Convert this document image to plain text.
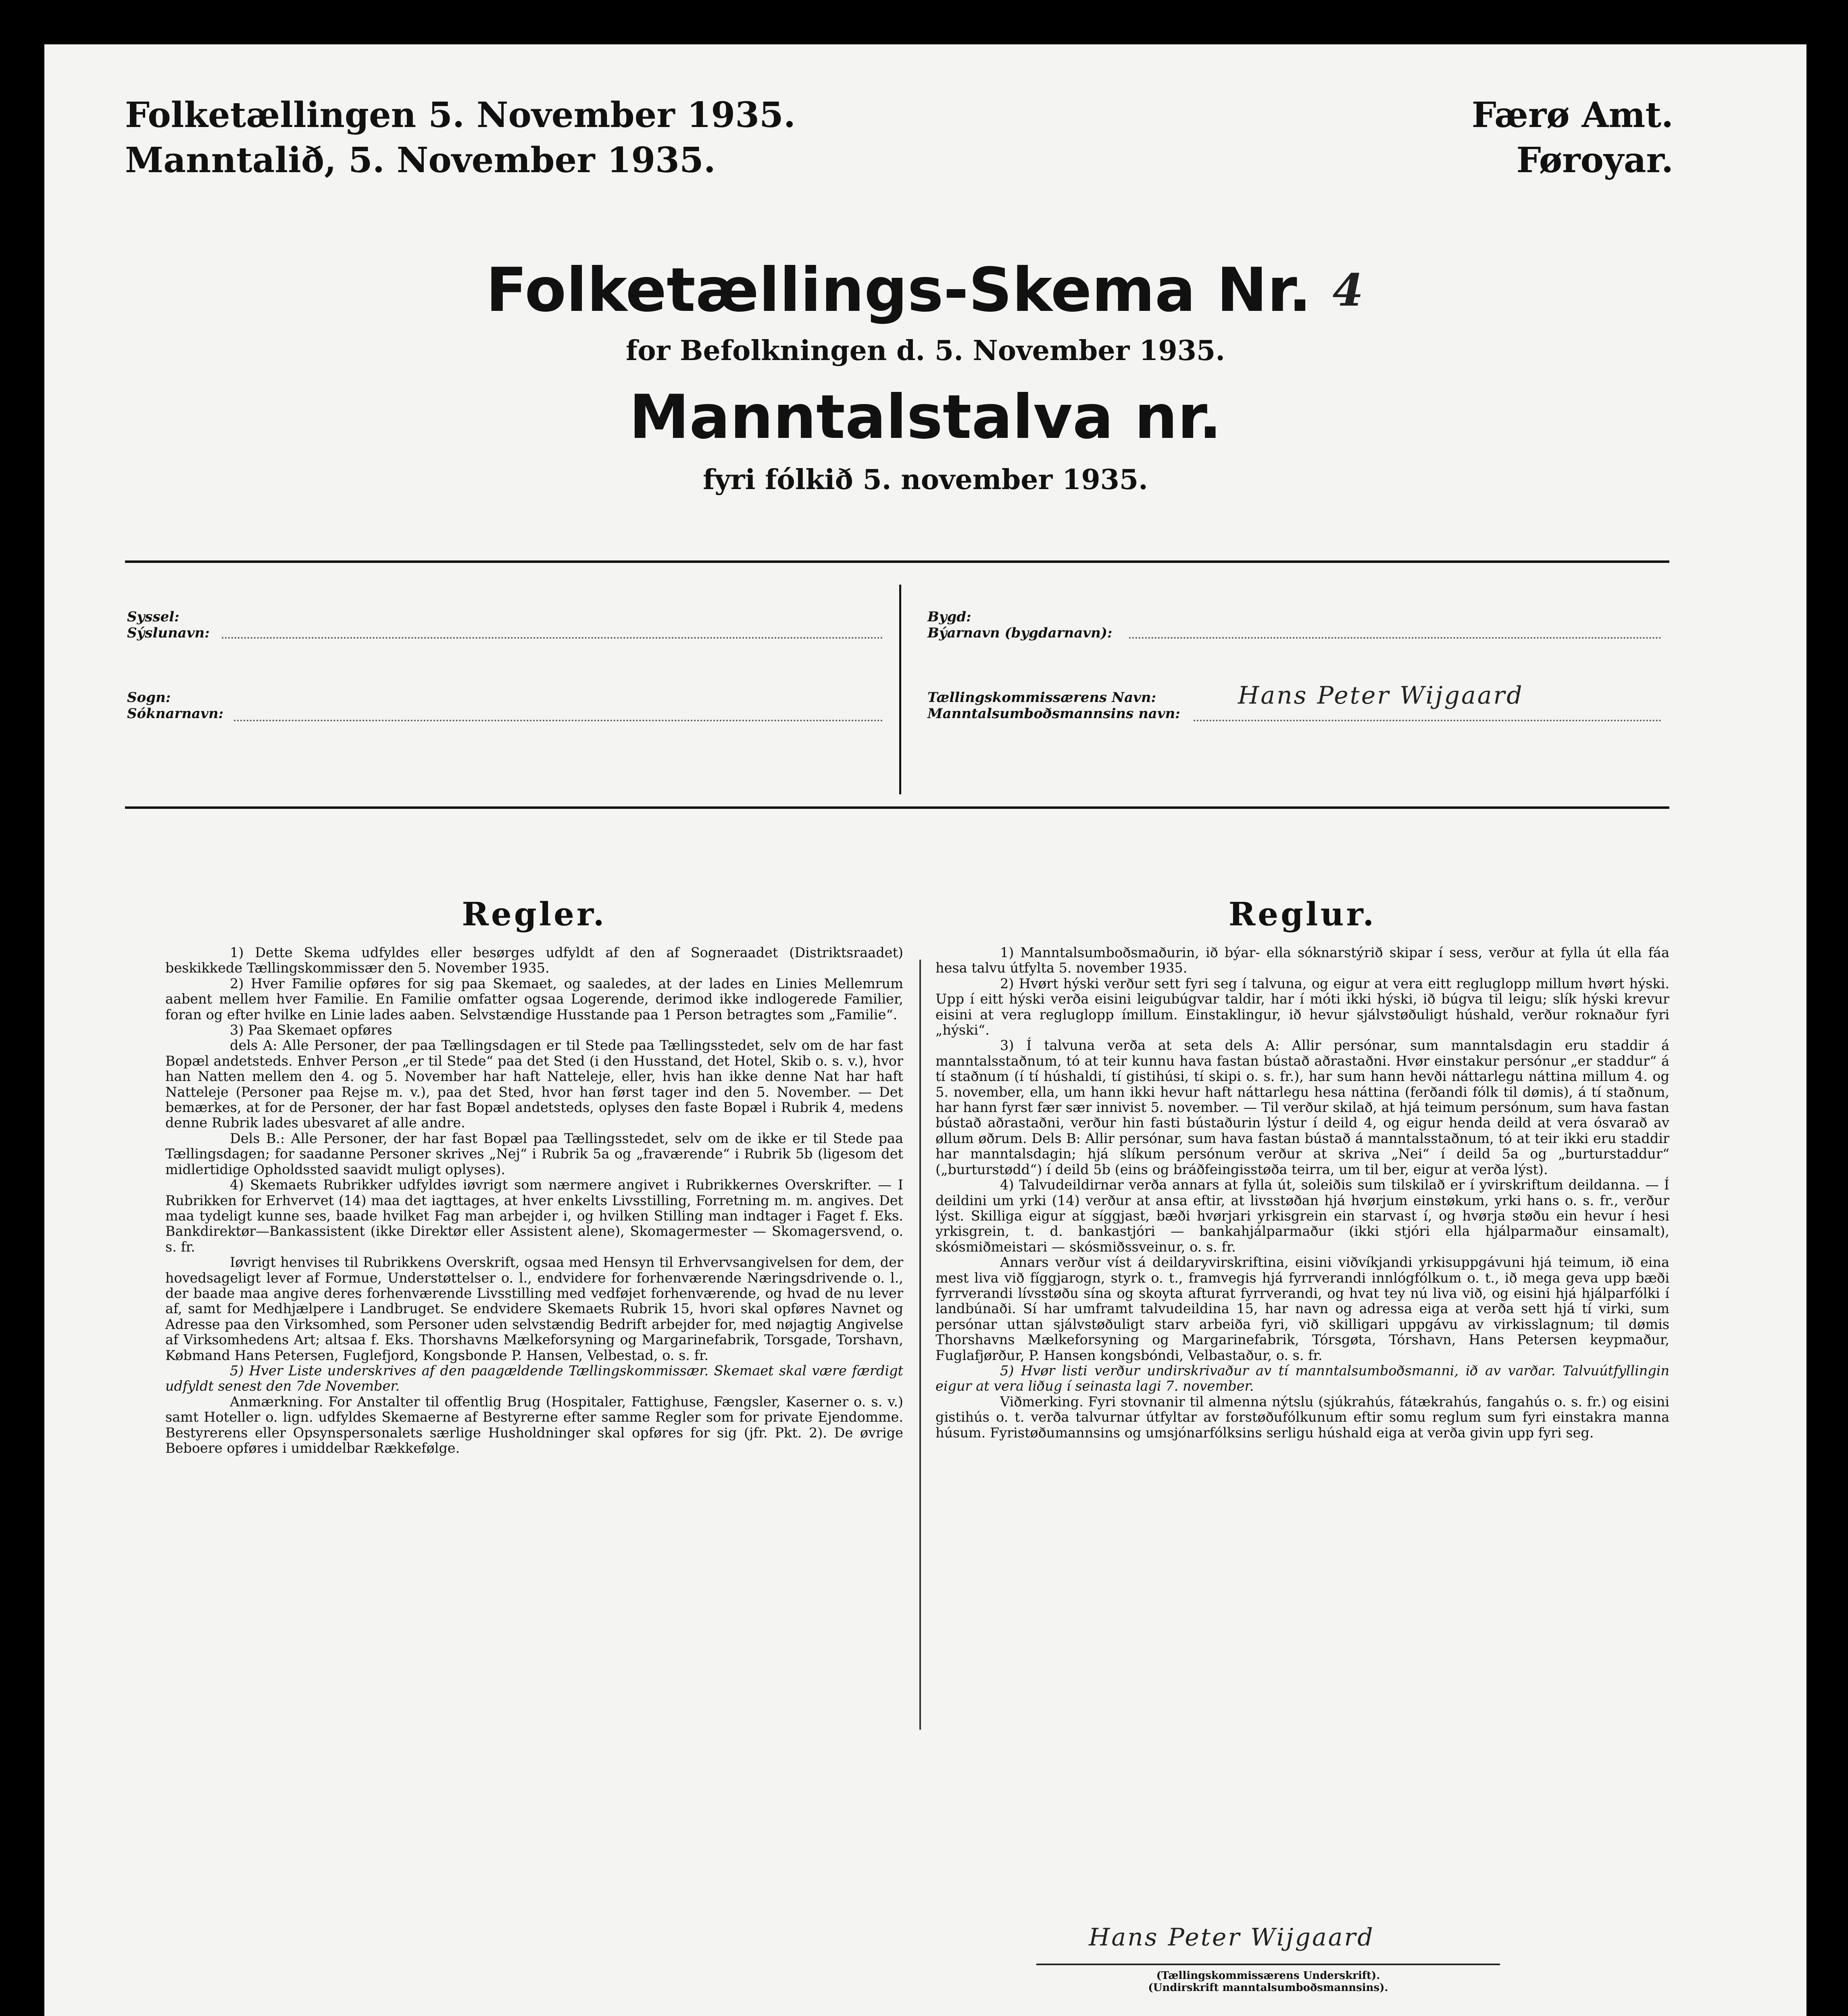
Folketællingen 5. November 1935.
Manntalið, 5. November 1935.
Færø Amt.
Føroyar.
Folketællings-Skema Nr. $^4$
for Befolkningen d. 5. November 1935.
Manntalstalva nr.
fyri fólkið 5. november 1935.
Syssel:
Sýslunavn:
Sogn:
Sóknarnavn:
Bygd:
Býarnavn (bygdarnavn):
Tællingskommissærens Navn:
Manntalsumboðsmannsins navn:
Hans Peter Wijgaard
Regler.

1) Dette Skema udfyldes eller besørges udfyldt af den af Sogneraadet (Distriktsraadet) beskikkede Tællingskommissær den 5. November 1935.

2) Hver Familie opføres for sig paa Skemaet, og saaledes, at der lades en Linies Mellemrum aabent mellem hver Familie. En Familie omfatter ogsaa Logerende, derimod ikke indlogerede Familier, foran og efter hvilke en Linie lades aaben. Selvstændige Husstande paa 1 Person betragtes som „Familie“.

3) Paa Skemaet opføres

dels A: Alle Personer, der paa Tællingsdagen er til Stede paa Tællingsstedet, selv om de har fast Bopæl andetsteds. Enhver Person „er til Stede“ paa det Sted (i den Husstand, det Hotel, Skib o. s. v.), hvor han Natten mellem den 4. og 5. November har haft Natteleje, eller, hvis han ikke denne Nat har haft Natteleje (Personer paa Rejse m. v.), paa det Sted, hvor han først tager ind den 5. November. — Det bemærkes, at for de Personer, der har fast Bopæl andetsteds, oplyses den faste Bopæl i Rubrik 4, medens denne Rubrik lades ubesvaret af alle andre.

Dels B.: Alle Personer, der har fast Bopæl paa Tællingsstedet, selv om de ikke er til Stede paa Tællingsdagen; for saadanne Personer skrives „Nej“ i Rubrik 5a og „fraværende“ i Rubrik 5b (ligesom det midlertidige Opholdssted saavidt muligt oplyses).

4) Skemaets Rubrikker udfyldes iøvrigt som nærmere angivet i Rubrikkernes Overskrifter. — I Rubrikken for Erhvervet (14) maa det iagttages, at hver enkelts Livsstilling, Forretning m. m. angives. Det maa tydeligt kunne ses, baade hvilket Fag man arbejder i, og hvilken Stilling man indtager i Faget f. Eks. Bankdirektør—Bankassistent (ikke Direktør eller Assistent alene), Skomagermester — Skomagersvend, o. s. fr.

Iøvrigt henvises til Rubrikkens Overskrift, ogsaa med Hensyn til Erhvervsangivelsen for dem, der hovedsageligt lever af Formue, Understøttelser o. l., endvidere for forhenværende Næringsdrivende o. l., der baade maa angive deres forhenværende Livsstilling med vedføjet forhenværende, og hvad de nu lever af, samt for Medhjælpere i Landbruget. Se endvidere Skemaets Rubrik 15, hvori skal opføres Navnet og Adresse paa den Virksomhed, som Personer uden selvstændig Bedrift arbejder for, med nøjagtig Angivelse af Virksomhedens Art; altsaa f. Eks. Thorshavns Mælkeforsyning og Margarinefabrik, Torsgade, Torshavn, Købmand Hans Petersen, Fuglefjord, Kongsbonde P. Hansen, Velbestad, o. s. fr.

5) Hver Liste underskrives af den paagældende Tællingskommissær. Skemaet skal være færdigt udfyldt senest den 7de November.

Anmærkning. For Anstalter til offentlig Brug (Hospitaler, Fattighuse, Fængsler, Kaserner o. s. v.) samt Hoteller o. lign. udfyldes Skemaerne af Bestyrerne efter samme Regler som for private Ejendomme. Bestyrerens eller Opsynspersonalets særlige Husholdninger skal opføres for sig (jfr. Pkt. 2). De øvrige Beboere opføres i umiddelbar Rækkefølge.

Reglur.

1) Manntalsumboðsmaðurin, ið býar- ella sóknarstýrið skipar í sess, verður at fylla út ella fáa hesa talvu útfylta 5. november 1935.

2) Hvørt hýski verður sett fyri seg í talvuna, og eigur at vera eitt regluglopp millum hvørt hýski. Upp í eitt hýski verða eisini leigubúgvar taldir, har í móti ikki hýski, ið búgva til leigu; slík hýski krevur eisini at vera regluglopp ímillum. Einstaklingur, ið hevur sjálvstøðuligt húshald, verður roknaður fyri „hýski“.

3) Í talvuna verða at seta dels A: Allir persónar, sum manntalsdagin eru staddir á manntalsstaðnum, tó at teir kunnu hava fastan bústað aðrastaðni. Hvør einstakur persónur „er staddur“ á tí staðnum (í tí húshaldi, tí gistihúsi, tí skipi o. s. fr.), har sum hann hevði náttarlegu náttina millum 4. og 5. november, ella, um hann ikki hevur haft náttarlegu hesa náttina (ferðandi fólk til dømis), á tí staðnum, har hann fyrst fær sær innivist 5. november. — Til verður skilað, at hjá teimum persónum, sum hava fastan bústað aðrastaðni, verður hin fasti bústaðurin lýstur í deild 4, og eigur henda deild at vera ósvarað av øllum øðrum. Dels B: Allir persónar, sum hava fastan bústað á manntalsstaðnum, tó at teir ikki eru staddir har manntalsdagin; hjá slíkum persónum verður at skriva „Nei“ í deild 5a og „burturstaddur“ („burturstødd“) í deild 5b (eins og bráðfeingisstøða teirra, um til ber, eigur at verða lýst).

4) Talvudeildirnar verða annars at fylla út, soleiðis sum tilskilað er í yvirskriftum deildanna. — Í deildini um yrki (14) verður at ansa eftir, at livsstøðan hjá hvørjum einstøkum, yrki hans o. s. fr., verður lýst. Skilliga eigur at síggjast, bæði hvørjari yrkisgrein ein starvast í, og hvørja støðu ein hevur í hesi yrkisgrein, t. d. bankastjóri — bankahjálparmaður (ikki stjóri ella hjálparmaður einsamalt), skósmiðmeistari — skósmiðssveinur, o. s. fr.

Annars verður víst á deildaryvirskriftina, eisini viðvíkjandi yrkisuppgávuni hjá teimum, ið eina mest liva við fíggjarogn, styrk o. t., framvegis hjá fyrrverandi innlógfólkum o. t., ið mega geva upp bæði fyrrverandi lívsstøðu sína og skoyta afturat fyrrverandi, og hvat tey nú liva við, og eisini hjá hjálparfólki í landbúnaði. Sí har umframt talvudeildina 15, har navn og adressa eiga at verða sett hjá tí virki, sum persónar uttan sjálvstøðuligt starv arbeiða fyri, við skilligari uppgávu av virkisslagnum; til dømis Thorshavns Mælkeforsyning og Margarinefabrik, Tórsgøta, Tórshavn, Hans Petersen keypmaður, Fuglafjørður, P. Hansen kongsbóndi, Velbastaður, o. s. fr.

5) Hvør listi verður undirskrivaður av tí manntalsumboðsmanni, ið av varðar. Talvuútfyllingin eigur at vera liðug í seinasta lagi 7. november.

Viðmerking. Fyri stovnanir til almenna nýtslu (sjúkrahús, fátækrahús, fangahús o. s. fr.) og eisini gistihús o. t. verða talvurnar útfyltar av forstøðufólkunum eftir somu reglum sum fyri einstakra manna húsum. Fyristøðumannsins og umsjónarfólksins serligu húshald eiga at verða givin upp fyri seg.

Hans Peter Wijgaard
(Tællingskommissærens Underskrift).
(Undirskrift manntalsumboðsmannsins).
